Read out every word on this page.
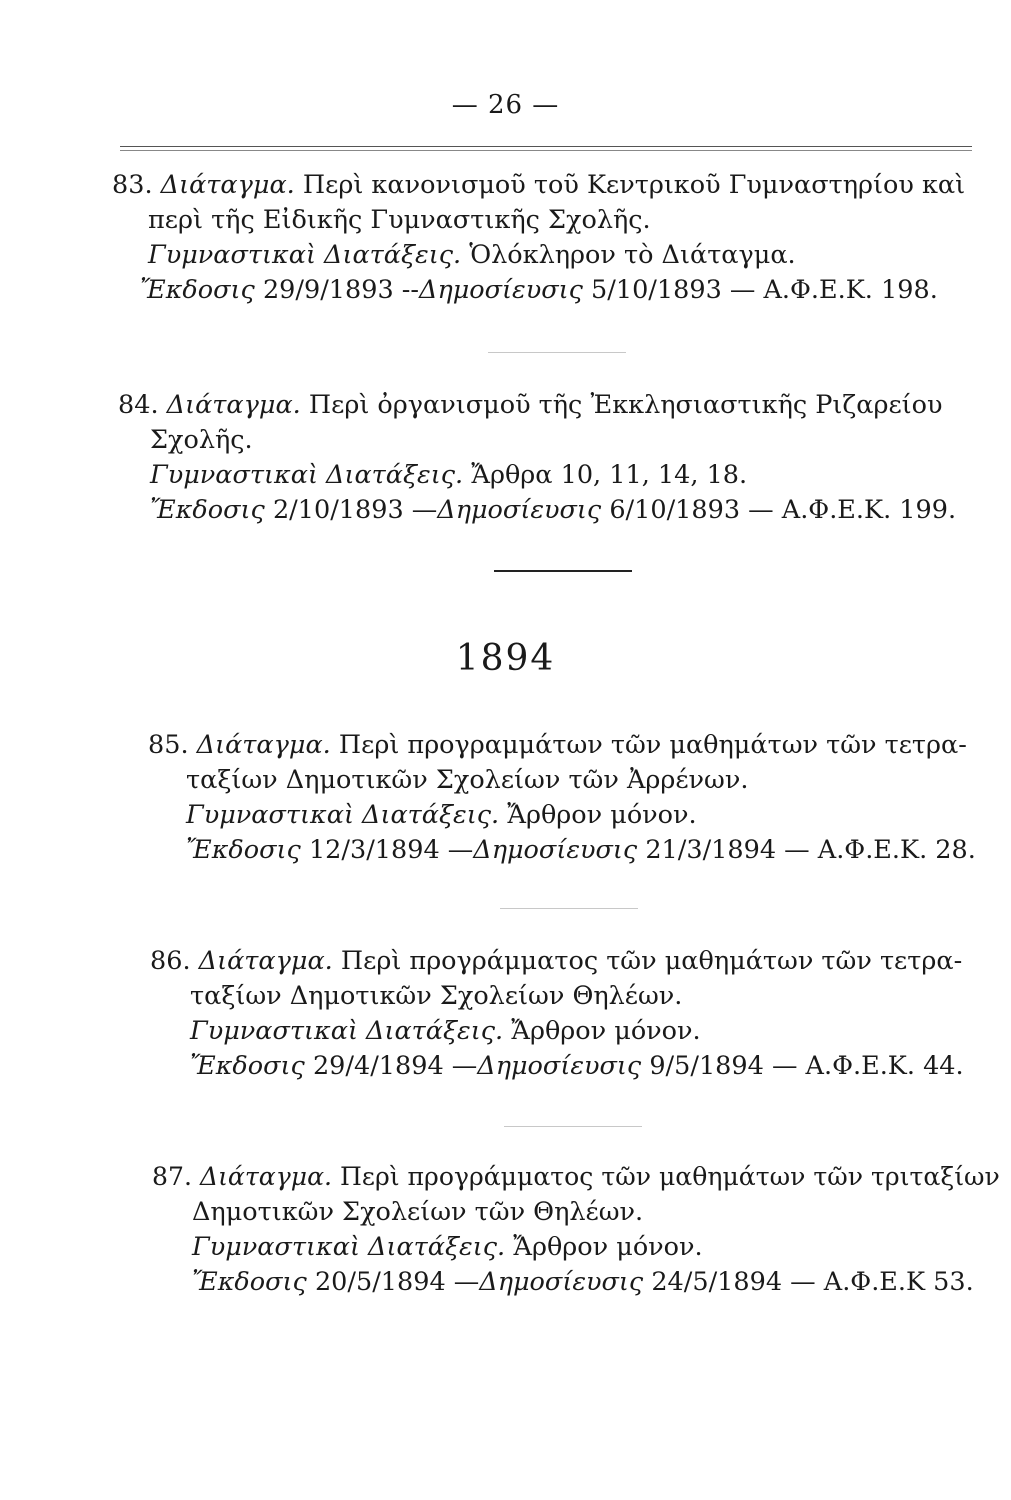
— 26 —
83. Διάταγμα. Περὶ κανονισμοῦ τοῦ Κεντρικοῦ Γυμναστηρίου καὶ
περὶ τῆς Εἰδικῆς Γυμναστικῆς Σχολῆς.
Γυμναστικαὶ Διατάξεις. Ὁλόκληρον τὸ Διάταγμα.
Ἔκδοσις 29/9/1893 --Δημοσίευσις 5/10/1893 — Α.Φ.Ε.Κ. 198.
84. Διάταγμα. Περὶ ὀργανισμοῦ τῆς Ἐκκλησιαστικῆς Ριζαρείου
Σχολῆς.
Γυμναστικαὶ Διατάξεις. Ἄρθρα 10, 11, 14, 18.
Ἔκδοσις 2/10/1893 —Δημοσίευσις 6/10/1893 — Α.Φ.Ε.Κ. 199.
1894
85. Διάταγμα. Περὶ προγραμμάτων τῶν μαθημάτων τῶν τετρα-
ταξίων Δημοτικῶν Σχολείων τῶν Ἀρρένων.
Γυμναστικαὶ Διατάξεις. Ἄρθρον μόνον.
Ἔκδοσις 12/3/1894 —Δημοσίευσις 21/3/1894 — Α.Φ.Ε.Κ. 28.
86. Διάταγμα. Περὶ προγράμματος τῶν μαθημάτων τῶν τετρα-
ταξίων Δημοτικῶν Σχολείων Θηλέων.
Γυμναστικαὶ Διατάξεις. Ἄρθρον μόνον.
Ἔκδοσις 29/4/1894 —Δημοσίευσις 9/5/1894 — Α.Φ.Ε.Κ. 44.
87. Διάταγμα. Περὶ προγράμματος τῶν μαθημάτων τῶν τριταξίων
Δημοτικῶν Σχολείων τῶν Θηλέων.
Γυμναστικαὶ Διατάξεις. Ἄρθρον μόνον.
Ἔκδοσις 20/5/1894 —Δημοσίευσις 24/5/1894 — Α.Φ.Ε.Κ 53.
